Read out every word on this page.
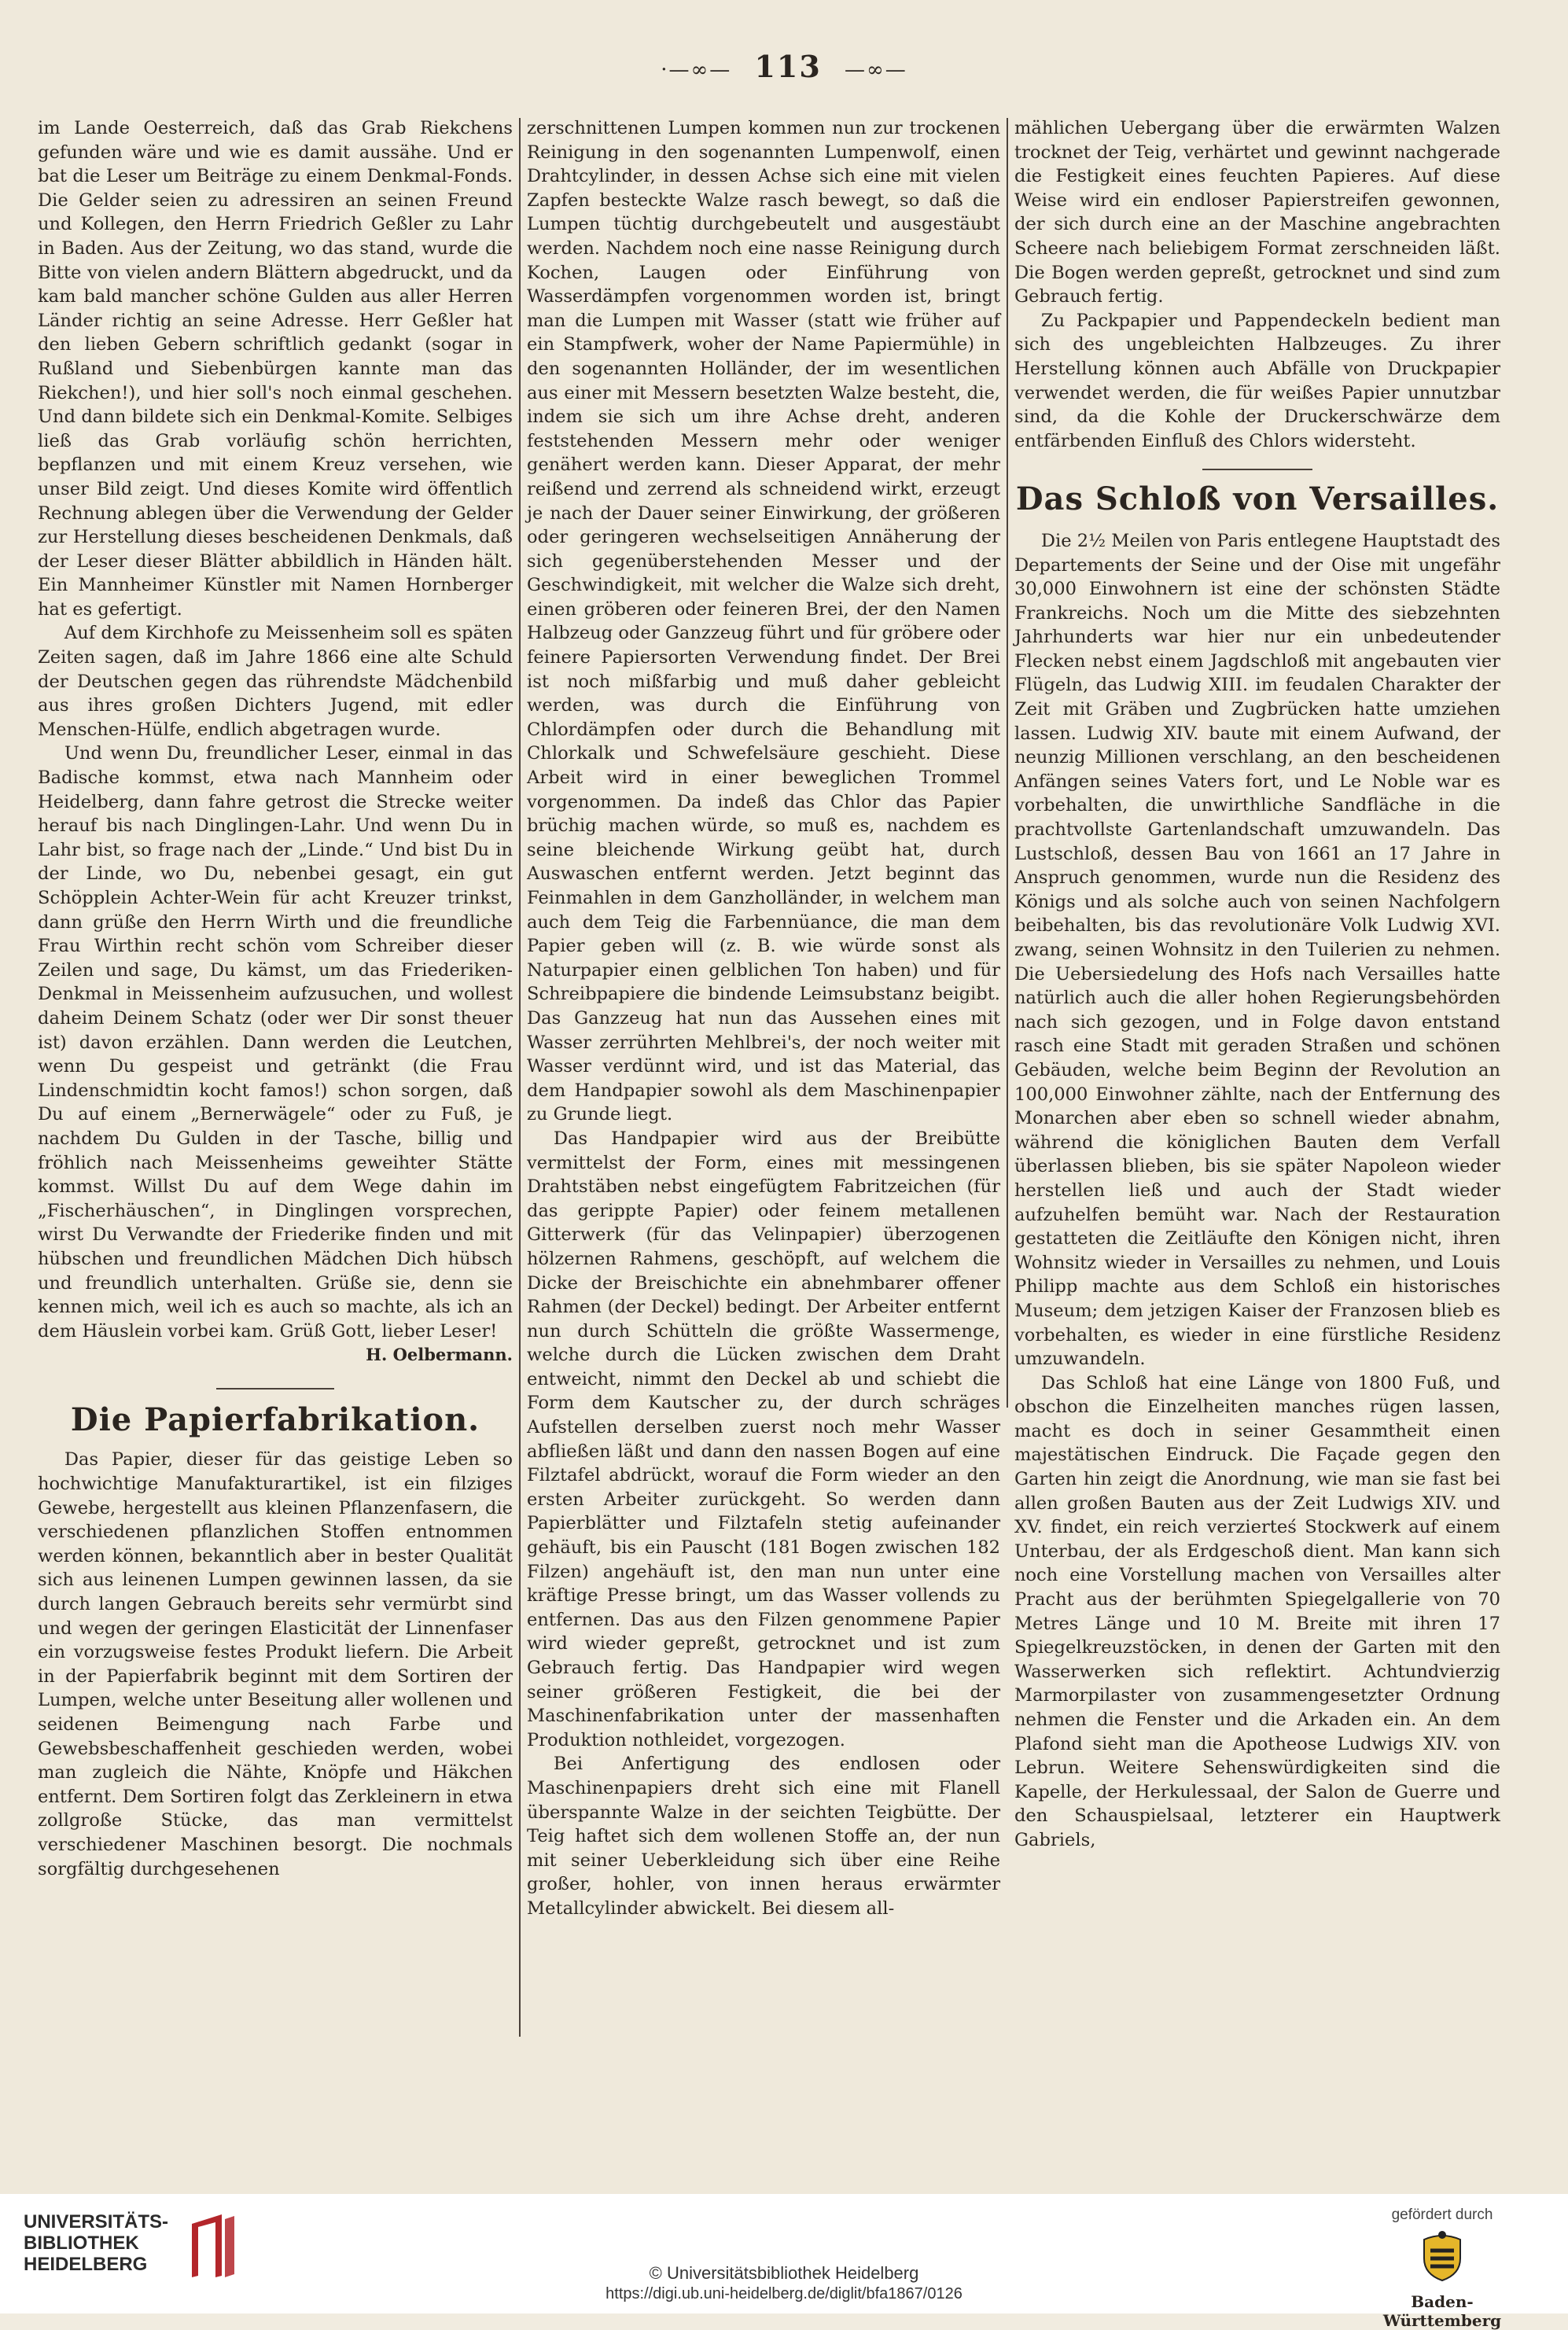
·—∞— 113 —∞—

im Lande Oesterreich, daß das Grab Riekchens gefunden wäre und wie es damit aussähe. Und er bat die Leser um Beiträge zu einem Denkmal-Fonds. Die Gelder seien zu adressiren an seinen Freund und Kollegen, den Herrn Friedrich Geßler zu Lahr in Baden. Aus der Zeitung, wo das stand, wurde die Bitte von vielen andern Blättern abgedruckt, und da kam bald mancher schöne Gulden aus aller Herren Länder richtig an seine Adresse. Herr Geßler hat den lieben Gebern schriftlich gedankt (sogar in Rußland und Siebenbürgen kannte man das Riekchen!), und hier soll's noch einmal geschehen. Und dann bildete sich ein Denkmal-Komite. Selbiges ließ das Grab vorläufig schön herrichten, bepflanzen und mit einem Kreuz versehen, wie unser Bild zeigt. Und dieses Komite wird öffentlich Rechnung ablegen über die Verwendung der Gelder zur Herstellung dieses bescheidenen Denkmals, daß der Leser dieser Blätter abbildlich in Händen hält. Ein Mannheimer Künstler mit Namen Hornberger hat es gefertigt.

Auf dem Kirchhofe zu Meissenheim soll es späten Zeiten sagen, daß im Jahre 1866 eine alte Schuld der Deutschen gegen das rührendste Mädchenbild aus ihres großen Dichters Jugend, mit edler Menschen-Hülfe, endlich abgetragen wurde.

Und wenn Du, freundlicher Leser, einmal in das Badische kommst, etwa nach Mannheim oder Heidelberg, dann fahre getrost die Strecke weiter herauf bis nach Dinglingen-Lahr. Und wenn Du in Lahr bist, so frage nach der „Linde.“ Und bist Du in der Linde, wo Du, nebenbei gesagt, ein gut Schöpplein Achter-Wein für acht Kreuzer trinkst, dann grüße den Herrn Wirth und die freundliche Frau Wirthin recht schön vom Schreiber dieser Zeilen und sage, Du kämst, um das Friederiken-Denkmal in Meissenheim aufzusuchen, und wollest daheim Deinem Schatz (oder wer Dir sonst theuer ist) davon erzählen. Dann werden die Leutchen, wenn Du gespeist und getränkt (die Frau Lindenschmidtin kocht famos!) schon sorgen, daß Du auf einem „Bernerwägele“ oder zu Fuß, je nachdem Du Gulden in der Tasche, billig und fröhlich nach Meissenheims geweihter Stätte kommst. Willst Du auf dem Wege dahin im „Fischerhäuschen“, in Dinglingen vorsprechen, wirst Du Verwandte der Friederike finden und mit hübschen und freundlichen Mädchen Dich hübsch und freundlich unterhalten. Grüße sie, denn sie kennen mich, weil ich es auch so machte, als ich an dem Häuslein vorbei kam. Grüß Gott, lieber Leser!

H. Oelbermann.
Die Papierfabrikation.

Das Papier, dieser für das geistige Leben so hochwichtige Manufakturartikel, ist ein filziges Gewebe, hergestellt aus kleinen Pflanzenfasern, die verschiedenen pflanzlichen Stoffen entnommen werden können, bekanntlich aber in bester Qualität sich aus leinenen Lumpen gewinnen lassen, da sie durch langen Gebrauch bereits sehr vermürbt sind und wegen der geringen Elasticität der Linnenfaser ein vorzugsweise festes Produkt liefern. Die Arbeit in der Papierfabrik beginnt mit dem Sortiren der Lumpen, welche unter Beseitung aller wollenen und seidenen Beimengung nach Farbe und Gewebsbeschaffenheit geschieden werden, wobei man zugleich die Nähte, Knöpfe und Häkchen entfernt. Dem Sortiren folgt das Zerkleinern in etwa zollgroße Stücke, das man vermittelst verschiedener Maschinen besorgt. Die nochmals sorgfältig durchgesehenen

zerschnittenen Lumpen kommen nun zur trockenen Reinigung in den sogenannten Lumpenwolf, einen Drahtcylinder, in dessen Achse sich eine mit vielen Zapfen besteckte Walze rasch bewegt, so daß die Lumpen tüchtig durchgebeutelt und ausgestäubt werden. Nachdem noch eine nasse Reinigung durch Kochen, Laugen oder Einführung von Wasserdämpfen vorgenommen worden ist, bringt man die Lumpen mit Wasser (statt wie früher auf ein Stampfwerk, woher der Name Papiermühle) in den sogenannten Holländer, der im wesentlichen aus einer mit Messern besetzten Walze besteht, die, indem sie sich um ihre Achse dreht, anderen feststehenden Messern mehr oder weniger genähert werden kann. Dieser Apparat, der mehr reißend und zerrend als schneidend wirkt, erzeugt je nach der Dauer seiner Einwirkung, der größeren oder geringeren wechselseitigen Annäherung der sich gegenüberstehenden Messer und der Geschwindigkeit, mit welcher die Walze sich dreht, einen gröberen oder feineren Brei, der den Namen Halbzeug oder Ganzzeug führt und für gröbere oder feinere Papiersorten Verwendung findet. Der Brei ist noch mißfarbig und muß daher gebleicht werden, was durch die Einführung von Chlordämpfen oder durch die Behandlung mit Chlorkalk und Schwefelsäure geschieht. Diese Arbeit wird in einer beweglichen Trommel vorgenommen. Da indeß das Chlor das Papier brüchig machen würde, so muß es, nachdem es seine bleichende Wirkung geübt hat, durch Auswaschen entfernt werden. Jetzt beginnt das Feinmahlen in dem Ganzholländer, in welchem man auch dem Teig die Farbennüance, die man dem Papier geben will (z. B. wie würde sonst als Naturpapier einen gelblichen Ton haben) und für Schreibpapiere die bindende Leimsubstanz beigibt. Das Ganzzeug hat nun das Aussehen eines mit Wasser zerrührten Mehlbrei's, der noch weiter mit Wasser verdünnt wird, und ist das Material, das dem Handpapier sowohl als dem Maschinenpapier zu Grunde liegt.

Das Handpapier wird aus der Breibütte vermittelst der Form, eines mit messingenen Drahtstäben nebst eingefügtem Fabritzeichen (für das gerippte Papier) oder feinem metallenen Gitterwerk (für das Velinpapier) überzogenen hölzernen Rahmens, geschöpft, auf welchem die Dicke der Breischichte ein abnehmbarer offener Rahmen (der Deckel) bedingt. Der Arbeiter entfernt nun durch Schütteln die größte Wassermenge, welche durch die Lücken zwischen dem Draht entweicht, nimmt den Deckel ab und schiebt die Form dem Kautscher zu, der durch schräges Aufstellen derselben zuerst noch mehr Wasser abfließen läßt und dann den nassen Bogen auf eine Filztafel abdrückt, worauf die Form wieder an den ersten Arbeiter zurückgeht. So werden dann Papierblätter und Filztafeln stetig aufeinander gehäuft, bis ein Pauscht (181 Bogen zwischen 182 Filzen) angehäuft ist, den man nun unter eine kräftige Presse bringt, um das Wasser vollends zu entfernen. Das aus den Filzen genommene Papier wird wieder gepreßt, getrocknet und ist zum Gebrauch fertig. Das Handpapier wird wegen seiner größeren Festigkeit, die bei der Maschinenfabrikation unter der massenhaften Produktion nothleidet, vorgezogen.

Bei Anfertigung des endlosen oder Maschinenpapiers dreht sich eine mit Flanell überspannte Walze in der seichten Teigbütte. Der Teig haftet sich dem wollenen Stoffe an, der nun mit seiner Ueberkleidung sich über eine Reihe großer, hohler, von innen heraus erwärmter Metallcylinder abwickelt. Bei diesem all-

mählichen Uebergang über die erwärmten Walzen trocknet der Teig, verhärtet und gewinnt nachgerade die Festigkeit eines feuchten Papieres. Auf diese Weise wird ein endloser Papierstreifen gewonnen, der sich durch eine an der Maschine angebrachten Scheere nach beliebigem Format zerschneiden läßt. Die Bogen werden gepreßt, getrocknet und sind zum Gebrauch fertig.

Zu Packpapier und Pappendeckeln bedient man sich des ungebleichten Halbzeuges. Zu ihrer Herstellung können auch Abfälle von Druckpapier verwendet werden, die für weißes Papier unnutzbar sind, da die Kohle der Druckerschwärze dem entfärbenden Einfluß des Chlors widersteht.

Das Schloß von Versailles.

Die 2½ Meilen von Paris entlegene Hauptstadt des Departements der Seine und der Oise mit ungefähr 30,000 Einwohnern ist eine der schönsten Städte Frankreichs. Noch um die Mitte des siebzehnten Jahrhunderts war hier nur ein unbedeutender Flecken nebst einem Jagdschloß mit angebauten vier Flügeln, das Ludwig XIII. im feudalen Charakter der Zeit mit Gräben und Zugbrücken hatte umziehen lassen. Ludwig XIV. baute mit einem Aufwand, der neunzig Millionen verschlang, an den bescheidenen Anfängen seines Vaters fort, und Le Noble war es vorbehalten, die unwirthliche Sandfläche in die prachtvollste Gartenlandschaft umzuwandeln. Das Lustschloß, dessen Bau von 1661 an 17 Jahre in Anspruch genommen, wurde nun die Residenz des Königs und als solche auch von seinen Nachfolgern beibehalten, bis das revolutionäre Volk Ludwig XVI. zwang, seinen Wohnsitz in den Tuilerien zu nehmen. Die Uebersiedelung des Hofs nach Versailles hatte natürlich auch die aller hohen Regierungsbehörden nach sich gezogen, und in Folge davon entstand rasch eine Stadt mit geraden Straßen und schönen Gebäuden, welche beim Beginn der Revolution an 100,000 Einwohner zählte, nach der Entfernung des Monarchen aber eben so schnell wieder abnahm, während die königlichen Bauten dem Verfall überlassen blieben, bis sie später Napoleon wieder herstellen ließ und auch der Stadt wieder aufzuhelfen bemüht war. Nach der Restauration gestatteten die Zeitläufte den Königen nicht, ihren Wohnsitz wieder in Versailles zu nehmen, und Louis Philipp machte aus dem Schloß ein historisches Museum; dem jetzigen Kaiser der Franzosen blieb es vorbehalten, es wieder in eine fürstliche Residenz umzuwandeln.

Das Schloß hat eine Länge von 1800 Fuß, und obschon die Einzelheiten manches rügen lassen, macht es doch in seiner Gesammtheit einen majestätischen Eindruck. Die Façade gegen den Garten hin zeigt die Anordnung, wie man sie fast bei allen großen Bauten aus der Zeit Ludwigs XIV. und XV. findet, ein reich verzierteś Stockwerk auf einem Unterbau, der als Erdgeschoß dient. Man kann sich noch eine Vorstellung machen von Versailles alter Pracht aus der berühmten Spiegelgallerie von 70 Metres Länge und 10 M. Breite mit ihren 17 Spiegelkreuzstöcken, in denen der Garten mit den Wasserwerken sich reflektirt. Achtundvierzig Marmorpilaster von zusammengesetzter Ordnung nehmen die Fenster und die Arkaden ein. An dem Plafond sieht man die Apotheose Ludwigs XIV. von Lebrun. Weitere Sehenswürdigkeiten sind die Kapelle, der Herkulessaal, der Salon de Guerre und den Schauspielsaal, letzterer ein Hauptwerk Gabriels,

UNIVERSITÄTS-
BIBLIOTHEK
HEIDELBERG	© Universitätsbibliothek Heidelberg
https://digi.ub.uni-heidelberg.de/diglit/bfa1867/0126
gefördert durch
Baden-Württemberg
